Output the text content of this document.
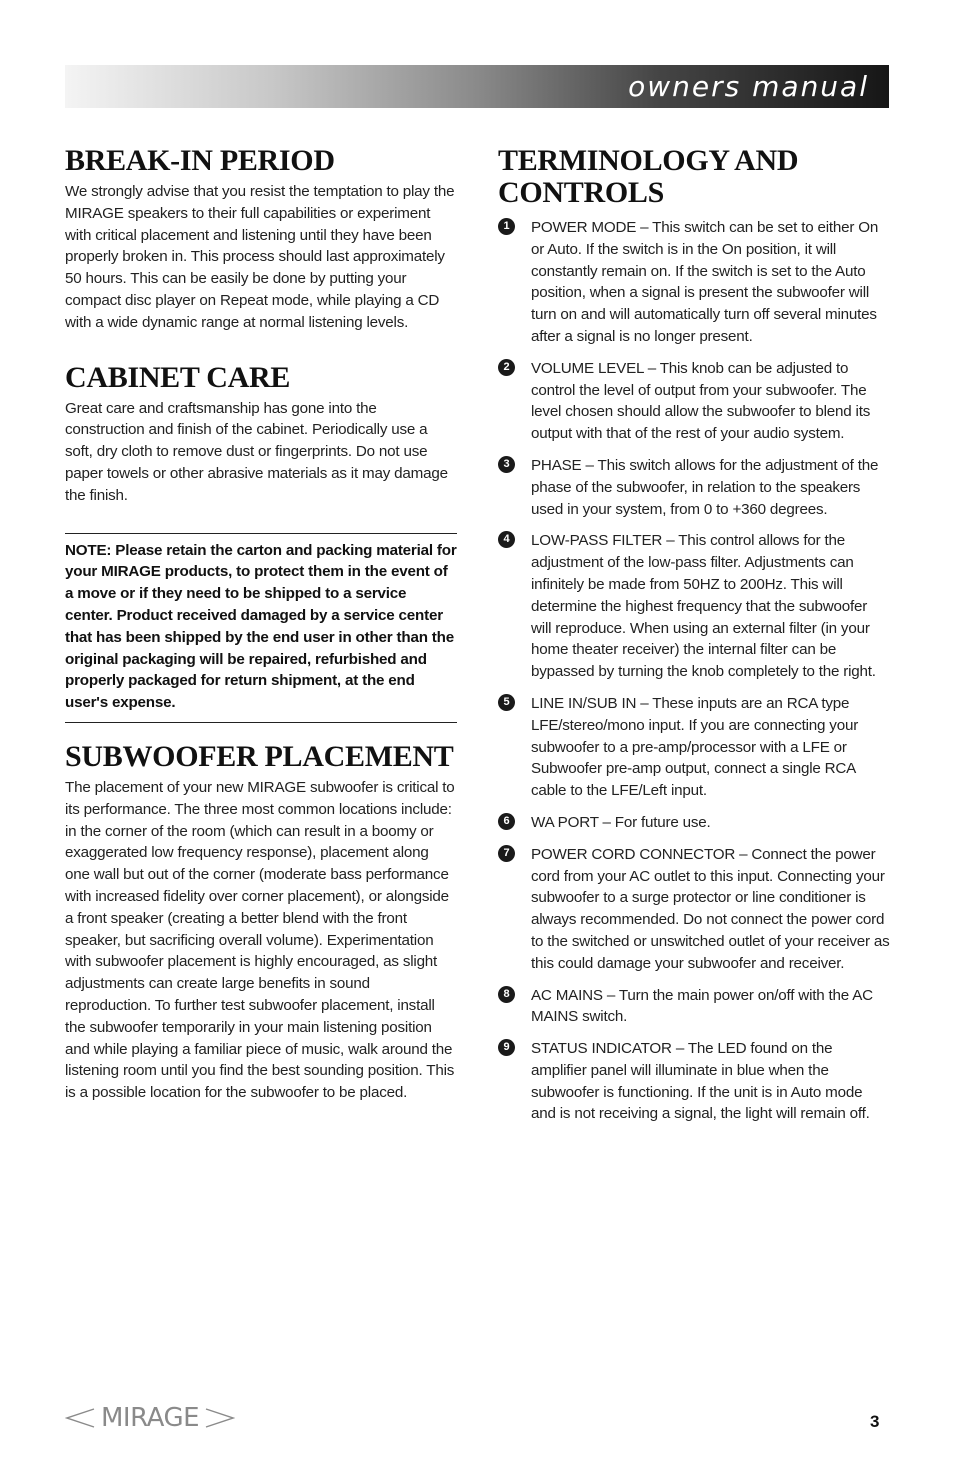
owners manual
BREAK-IN PERIOD

We strongly advise that you resist the temptation to play the MIRAGE speakers to their full capabilities or experiment with critical placement and listening until they have been properly broken in. This process should last approximately 50 hours. This can be easily be done by putting your compact disc player on Repeat mode, while playing a CD with a wide dynamic range at normal listening levels.

CABINET CARE

Great care and craftsmanship has gone into the construction and finish of the cabinet. Periodically use a soft, dry cloth to remove dust or fingerprints. Do not use paper towels or other abrasive materials as it may damage the finish.

NOTE: Please retain the carton and packing material for your MIRAGE products, to protect them in the event of a move or if they need to be shipped to a service center. Product received damaged by a service center that has been shipped by the end user in other than the original packaging will be repaired, refurbished and properly packaged for return shipment, at the end user's expense.

SUBWOOFER PLACEMENT

The placement of your new MIRAGE subwoofer is critical to its performance. The three most common locations include: in the corner of the room (which can result in a boomy or exaggerated low frequency response), placement along one wall but out of the corner (moderate bass performance with increased fidelity over corner placement), or alongside a front speaker (creating a better blend with the front speaker, but sacrificing overall volume). Experimentation with subwoofer placement is highly encouraged, as slight adjustments can create large benefits in sound reproduction. To further test subwoofer placement, install the subwoofer temporarily in your main listening position and while playing a familiar piece of music, walk around the listening room until you find the best sounding position. This is a possible location for the subwoofer to be placed.

TERMINOLOGY AND CONTROLS
1	POWER MODE – This switch can be set to either On or Auto. If the switch is in the On position, it will constantly remain on. If the switch is set to the Auto position, when a signal is present the subwoofer will turn on and will automatically turn off several minutes after a signal is no longer present.
2	VOLUME LEVEL – This knob can be adjusted to control the level of output from your subwoofer. The level chosen should allow the subwoofer to blend its output with that of the rest of your audio system.
3	PHASE – This switch allows for the adjustment of the phase of the subwoofer, in relation to the speakers used in your system, from 0 to +360 degrees.
4	LOW-PASS FILTER – This control allows for the adjustment of the low-pass filter. Adjustments can infinitely be made from 50HZ to 200Hz. This will determine the highest frequency that the subwoofer will reproduce. When using an external filter (in your home theater receiver) the internal filter can be bypassed by turning the knob completely to the right.
5	LINE IN/SUB IN – These inputs are an RCA type LFE/stereo/mono input. If you are connecting your subwoofer to a pre-amp/processor with a LFE or Subwoofer pre-amp output, connect a single RCA cable to the LFE/Left input.
6	WA PORT – For future use.
7	POWER CORD CONNECTOR – Connect the power cord from your AC outlet to this input. Connecting your subwoofer to a surge protector or line conditioner is always recommended. Do not connect the power cord to the switched or unswitched outlet of your receiver as this could damage your subwoofer and receiver.
8	AC MAINS – Turn the main power on/off with the AC MAINS switch.
9	STATUS INDICATOR – The LED found on the amplifier panel will illuminate in blue when the subwoofer is functioning. If the unit is in Auto mode and is not receiving a signal, the light will remain off.
MIRAGE	3
